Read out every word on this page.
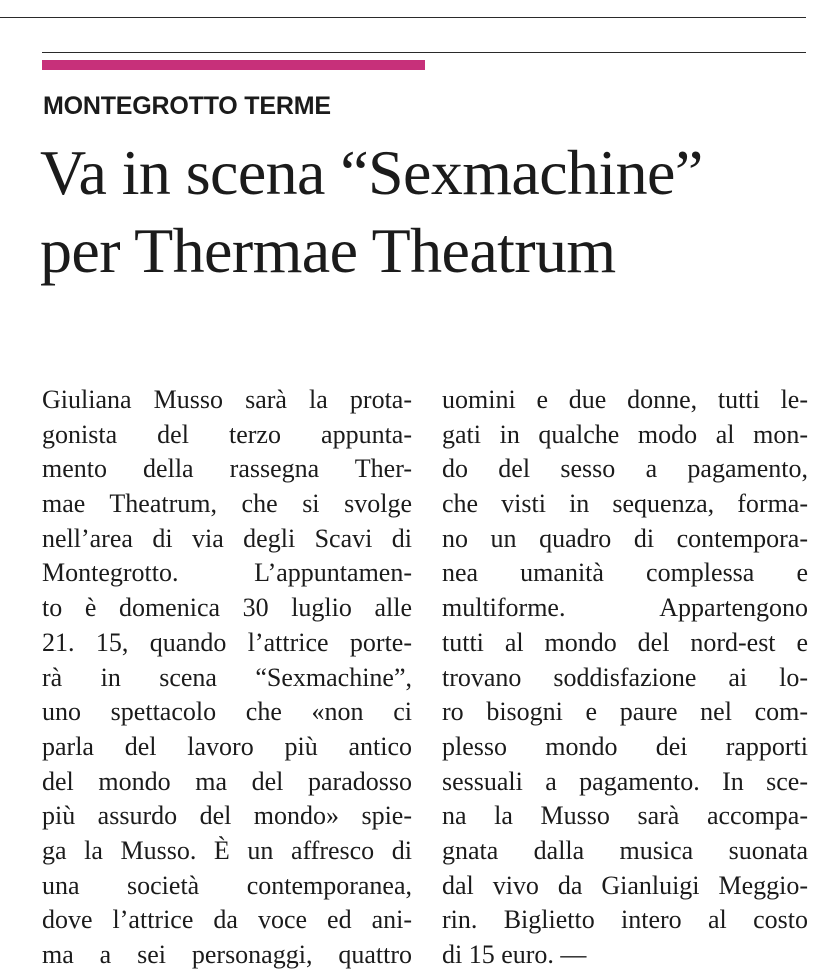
MONTEGROTTO TERME
Va in scena “Sexmachine”
per Thermae Theatrum
Giuliana Musso sarà la prota-
gonista del terzo appunta-
mento della rassegna Ther-
mae Theatrum, che si svolge
nell’area di via degli Scavi di
Montegrotto. L’appuntamen-
to è domenica 30 luglio alle
21. 15, quando l’attrice porte-
rà in scena “Sexmachine”,
uno spettacolo che «non ci
parla del lavoro più antico
del mondo ma del paradosso
più assurdo del mondo» spie-
ga la Musso. È un affresco di
una società contemporanea,
dove l’attrice da voce ed ani-
ma a sei personaggi, quattro
uomini e due donne, tutti le-
gati in qualche modo al mon-
do del sesso a pagamento,
che visti in sequenza, forma-
no un quadro di contempora-
nea umanità complessa e
multiforme. Appartengono
tutti al mondo del nord-est e
trovano soddisfazione ai lo-
ro bisogni e paure nel com-
plesso mondo dei rapporti
sessuali a pagamento. In sce-
na la Musso sarà accompa-
gnata dalla musica suonata
dal vivo da Gianluigi Meggio-
rin. Biglietto intero al costo
di 15 euro. —
